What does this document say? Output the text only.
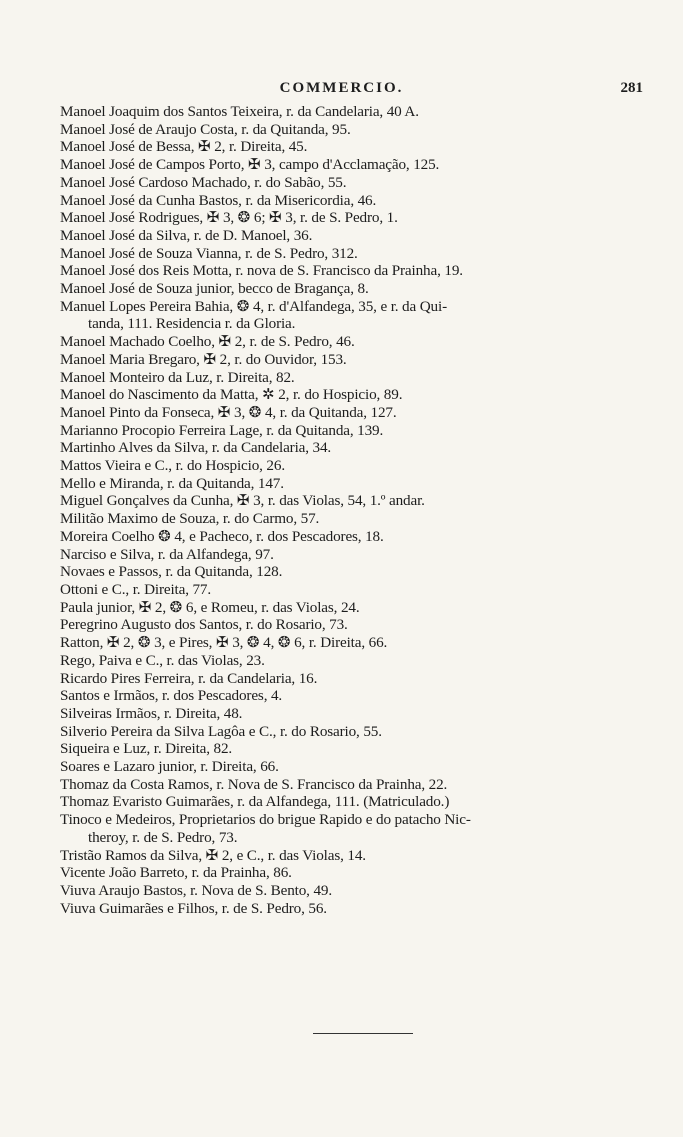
COMMERCIO.	281
Manoel Joaquim dos Santos Teixeira, r. da Candelaria, 40 A.
Manoel José de Araujo Costa, r. da Quitanda, 95.
Manoel José de Bessa, ✠ 2, r. Direita, 45.
Manoel José de Campos Porto, ✠ 3, campo d'Acclamação, 125.
Manoel José Cardoso Machado, r. do Sabão, 55.
Manoel José da Cunha Bastos, r. da Misericordia, 46.
Manoel José Rodrigues, ✠ 3, ❂ 6; ✠ 3, r. de S. Pedro, 1.
Manoel José da Silva, r. de D. Manoel, 36.
Manoel José de Souza Vianna, r. de S. Pedro, 312.
Manoel José dos Reis Motta, r. nova de S. Francisco da Prainha, 19.
Manoel José de Souza junior, becco de Bragança, 8.
Manuel Lopes Pereira Bahia, ❂ 4, r. d'Alfandega, 35, e r. da Qui-
tanda, 111. Residencia r. da Gloria.
Manoel Machado Coelho, ✠ 2, r. de S. Pedro, 46.
Manoel Maria Bregaro, ✠ 2, r. do Ouvidor, 153.
Manoel Monteiro da Luz, r. Direita, 82.
Manoel do Nascimento da Matta, ✲ 2, r. do Hospicio, 89.
Manoel Pinto da Fonseca, ✠ 3, ❂ 4, r. da Quitanda, 127.
Marianno Procopio Ferreira Lage, r. da Quitanda, 139.
Martinho Alves da Silva, r. da Candelaria, 34.
Mattos Vieira e C., r. do Hospicio, 26.
Mello e Miranda, r. da Quitanda, 147.
Miguel Gonçalves da Cunha, ✠ 3, r. das Violas, 54, 1.º andar.
Militão Maximo de Souza, r. do Carmo, 57.
Moreira Coelho ❂ 4, e Pacheco, r. dos Pescadores, 18.
Narciso e Silva, r. da Alfandega, 97.
Novaes e Passos, r. da Quitanda, 128.
Ottoni e C., r. Direita, 77.
Paula junior, ✠ 2, ❂ 6, e Romeu, r. das Violas, 24.
Peregrino Augusto dos Santos, r. do Rosario, 73.
Ratton, ✠ 2, ❂ 3, e Pires, ✠ 3, ❂ 4, ❂ 6, r. Direita, 66.
Rego, Paiva e C., r. das Violas, 23.
Ricardo Pires Ferreira, r. da Candelaria, 16.
Santos e Irmãos, r. dos Pescadores, 4.
Silveiras Irmãos, r. Direita, 48.
Silverio Pereira da Silva Lagôa e C., r. do Rosario, 55.
Siqueira e Luz, r. Direita, 82.
Soares e Lazaro junior, r. Direita, 66.
Thomaz da Costa Ramos, r. Nova de S. Francisco da Prainha, 22.
Thomaz Evaristo Guimarães, r. da Alfandega, 111. (Matriculado.)
Tinoco e Medeiros, Proprietarios do brigue Rapido e do patacho Nic-
theroy, r. de S. Pedro, 73.
Tristão Ramos da Silva, ✠ 2, e C., r. das Violas, 14.
Vicente João Barreto, r. da Prainha, 86.
Viuva Araujo Bastos, r. Nova de S. Bento, 49.
Viuva Guimarães e Filhos, r. de S. Pedro, 56.
